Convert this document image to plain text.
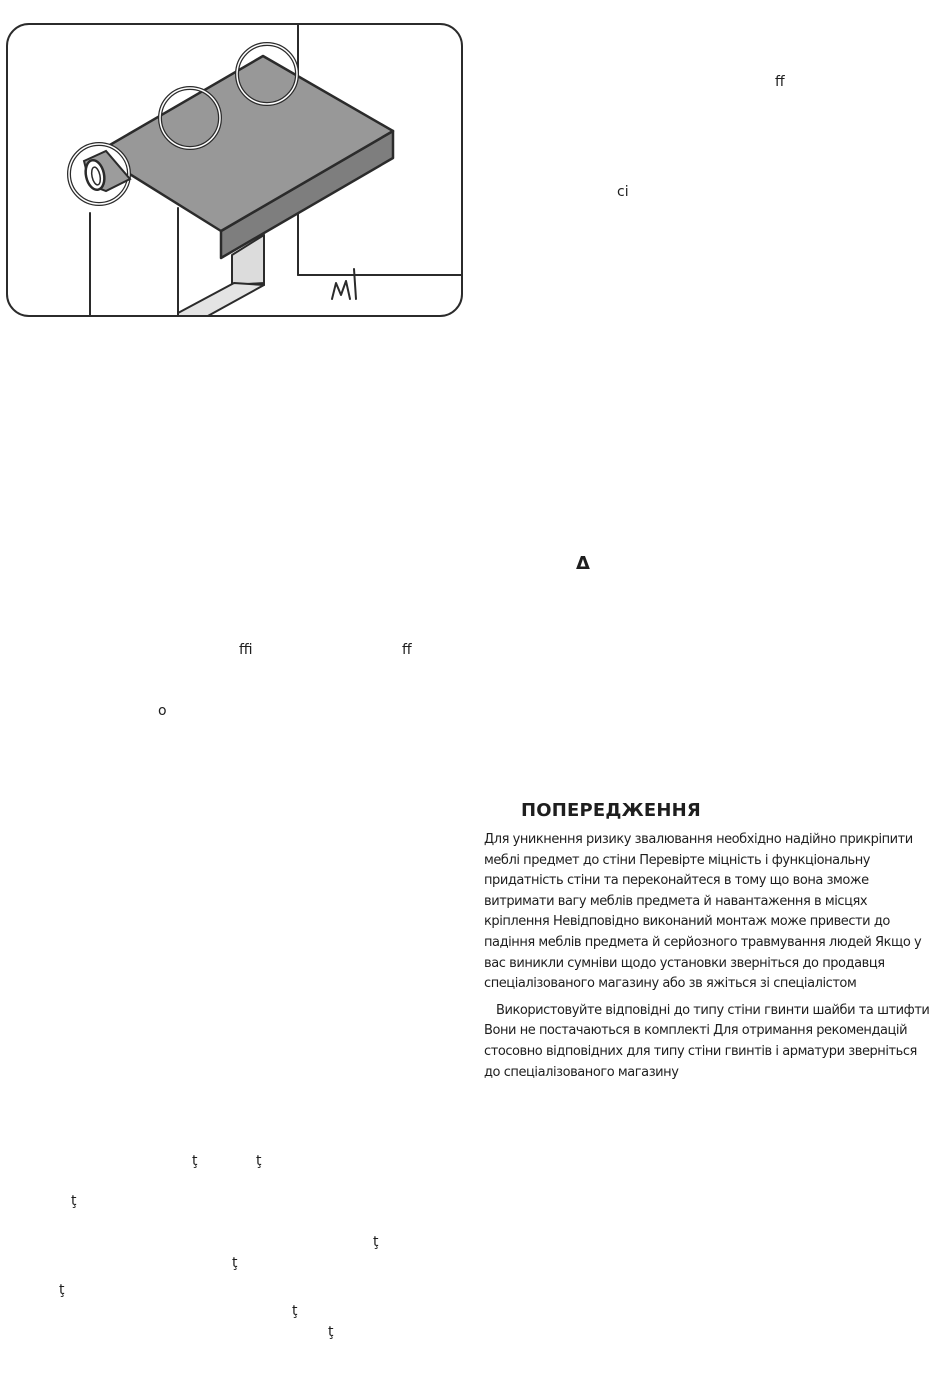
ff
ci
ffi	ff
o
ţ	ţ
ţ
ţ
ţ
ţ
ţ
ţ
Δ
ПОПЕРЕДЖЕННЯ

Для уникнення ризику звалювання необхідно надійно прикріпити меблі предмет до стіни Перевірте міцність і функціональну придатність стіни та переконайтеся в тому що вона зможе витримати вагу меблів предмета й навантаження в місцях кріплення Невідповідно виконаний монтаж може привести до падіння меблів предмета й серйозного травмування людей Якщо у вас виникли сумніви щодо установки зверніться до продавця спеціалізованого магазину або зв яжіться зі спеціалістом

Використовуйте відповідні до типу стіни гвинти шайби та штифти Вони не постачаються в комплекті Для отримання рекомендацій стосовно відповідних для типу стіни гвинтів і арматури зверніться до спеціалізованого магазину
